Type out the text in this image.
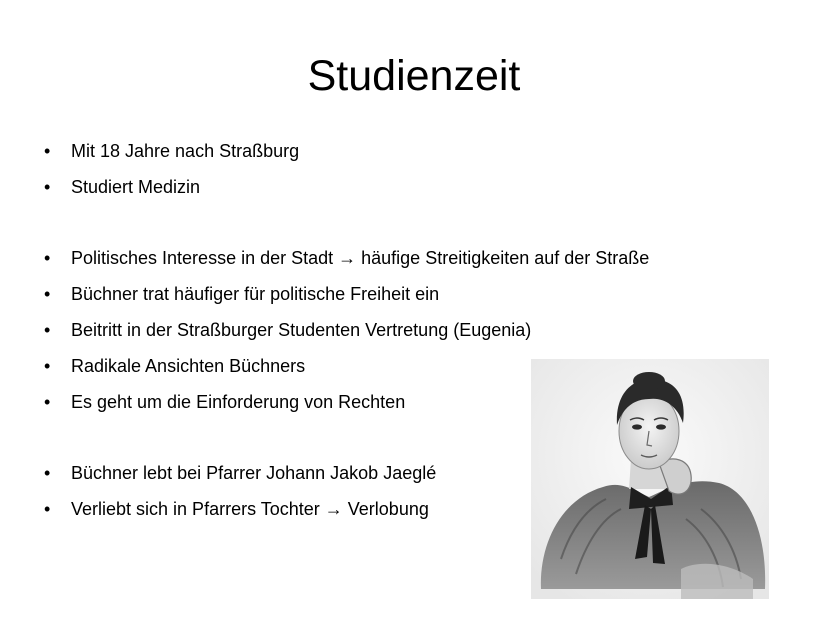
Studienzeit
•	Mit 18 Jahre nach Straßburg
•	Studiert Medizin
•	Politisches Interesse in der Stadt → häufige Streitigkeiten auf der Straße
•	Büchner trat häufiger für politische Freiheit ein
•	Beitritt in der Straßburger Studenten Vertretung (Eugenia)
•	Radikale Ansichten Büchners
•	Es geht um die Einforderung von Rechten
•	Büchner lebt bei Pfarrer Johann Jakob Jaeglé
•	Verliebt sich in Pfarrers Tochter → Verlobung
